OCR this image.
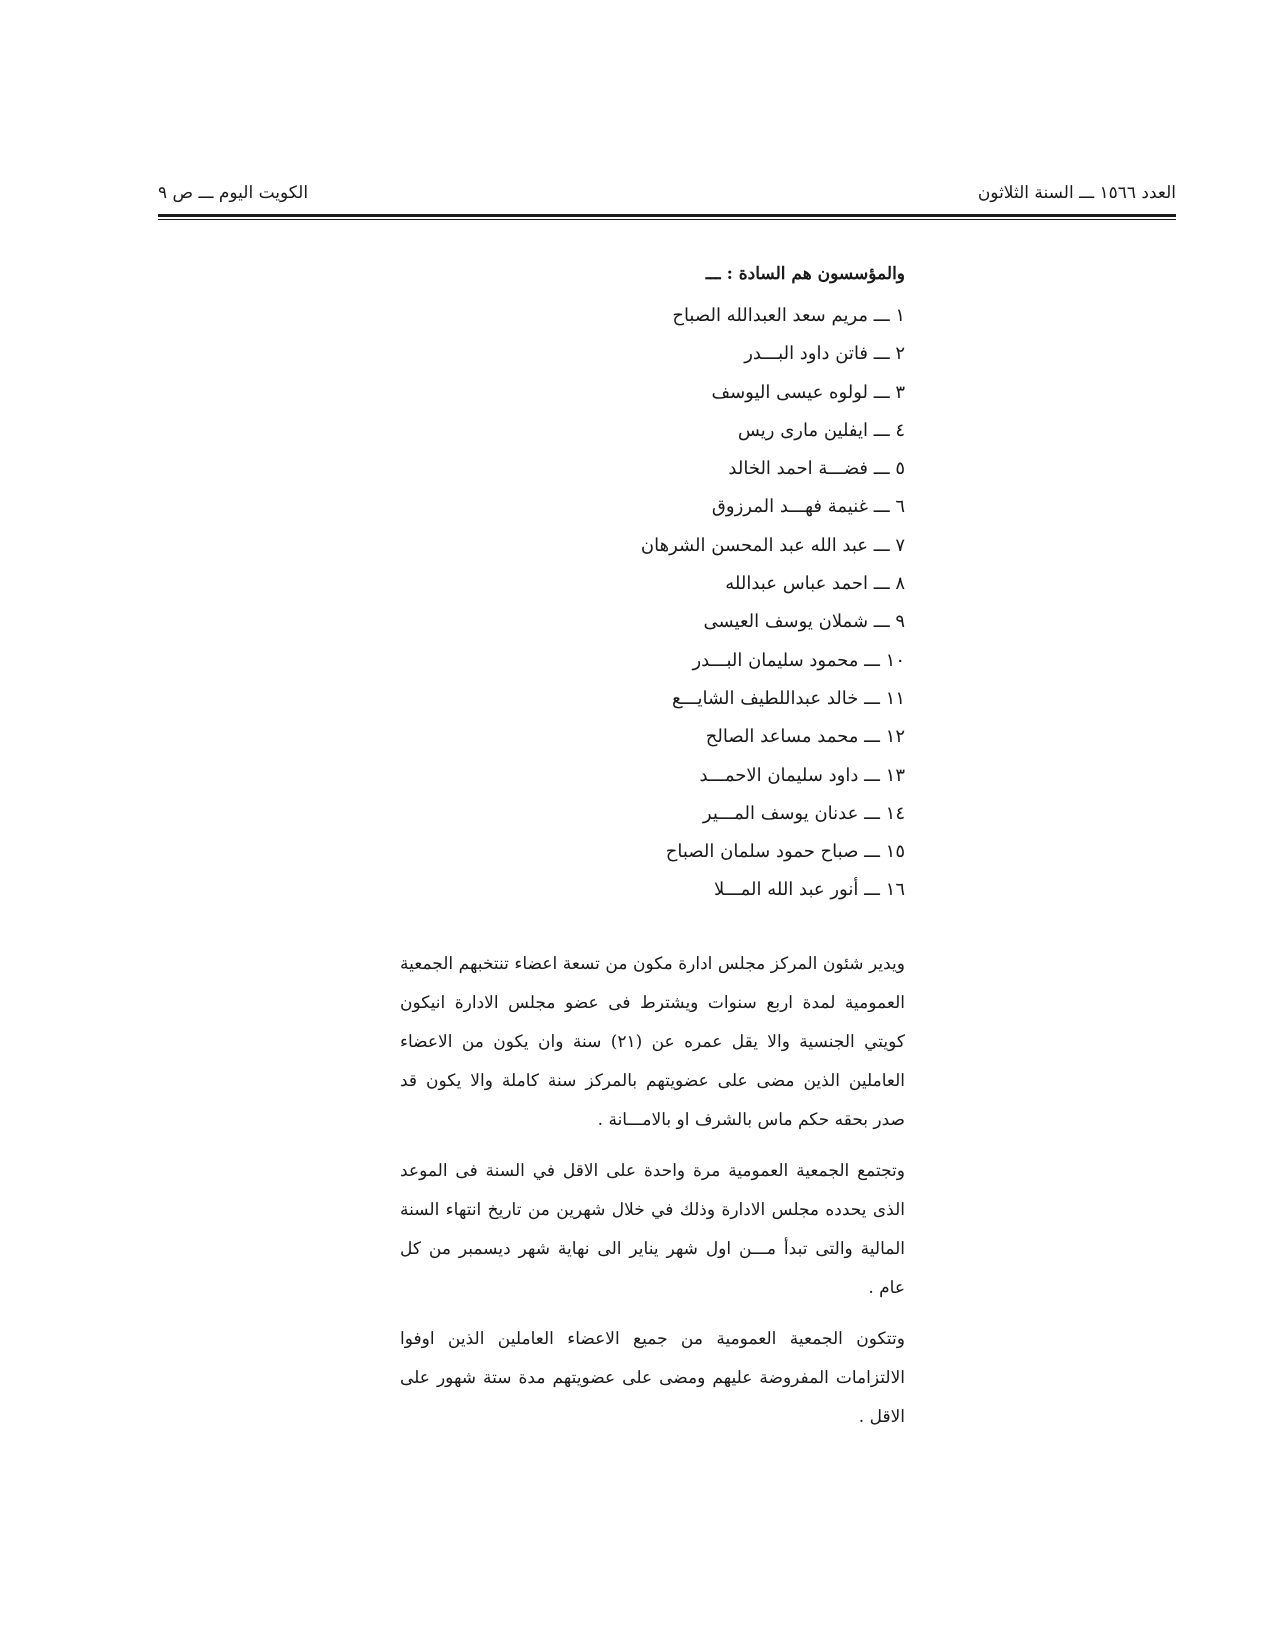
العدد ١٥٦٦ ـــ السنة الثلاثون
الكويت اليوم ـــ ص ٩
والمؤسسون هم السادة : ـــ
١ ـــ مريم سعد العبدالله الصباح
٢ ـــ فاتن داود البـــدر
٣ ـــ لولوه عيسى اليوسف
٤ ـــ ايفلين مارى ريس
٥ ـــ فضـــة احمد الخالد
٦ ـــ غنيمة فهـــد المرزوق
٧ ـــ عبد الله عبد المحسن الشرهان
٨ ـــ احمد عباس عبدالله
٩ ـــ شملان يوسف العيسى
١٠ ـــ محمود سليمان البـــدر
١١ ـــ خالد عبداللطيف الشايـــع
١٢ ـــ محمد مساعد الصالح
١٣ ـــ داود سليمان الاحمـــد
١٤ ـــ عدنان يوسف المـــير
١٥ ـــ صباح حمود سلمان الصباح
١٦ ـــ أنور عبد الله المـــلا

ويدير شئون المركز مجلس ادارة مكون من تسعة اعضاء تنتخبهم الجمعية العمومية لمدة اربع سنوات ويشترط فى عضو مجلس الادارة انيكون كويتي الجنسية والا يقل عمره عن (٢١) سنة وان يكون من الاعضاء العاملين الذين مضى على عضويتهم بالمركز سنة كاملة والا يكون قد صدر بحقه حكم ماس بالشرف او بالامـــانة .

وتجتمع الجمعية العمومية مرة واحدة على الاقل في السنة فى الموعد الذى يحدده مجلس الادارة وذلك في خلال شهرين من تاريخ انتهاء السنة المالية والتى تبدأ مـــن اول شهر يناير الى نهاية شهر ديسمبر من كل عام .

وتتكون الجمعية العمومية من جميع الاعضاء العاملين الذين اوفوا الالتزامات المفروضة عليهم ومضى على عضويتهم مدة ستة شهور على الاقل .
